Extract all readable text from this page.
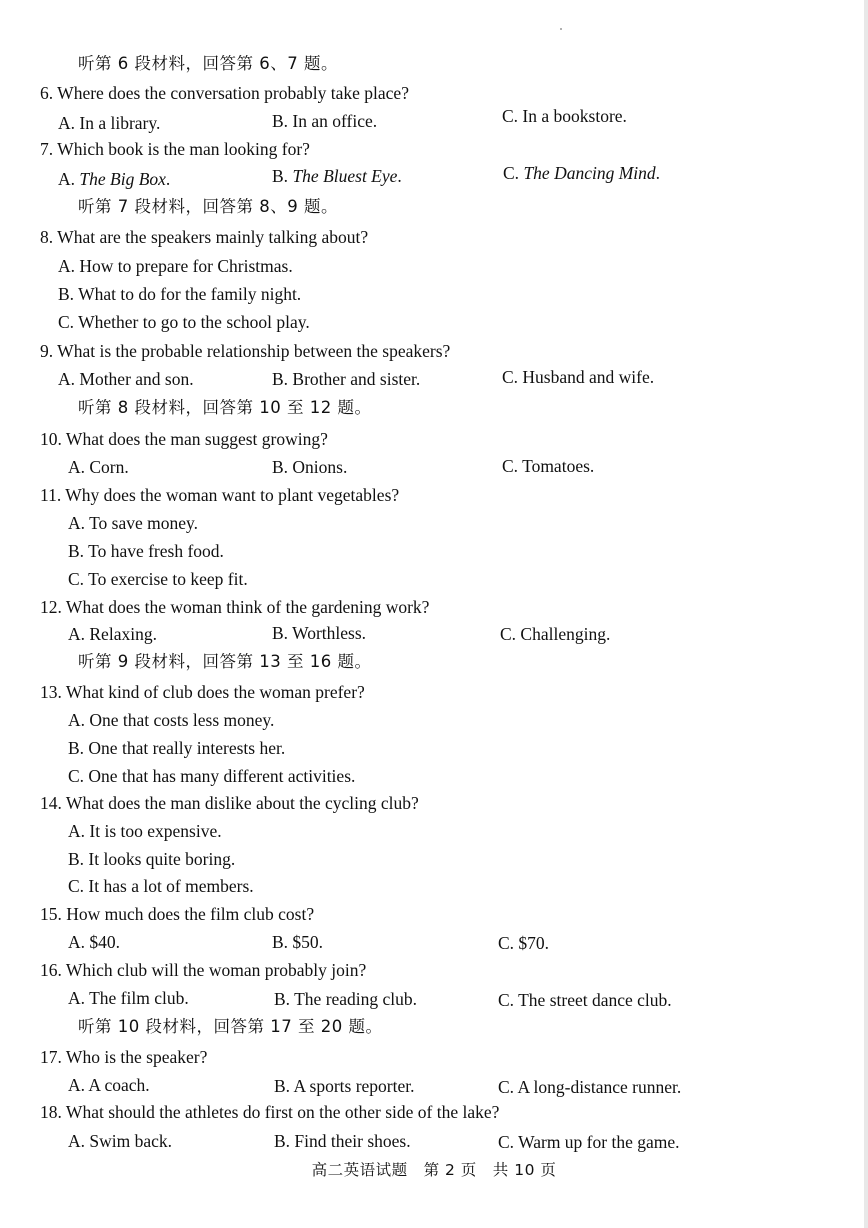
听第 6 段材料，回答第 6、7 题。
6. Where does the conversation probably take place?
A. In a library.	B. In an office.	C. In a bookstore.
7. Which book is the man looking for?
A. The Big Box.	B. The Bluest Eye.	C. The Dancing Mind.
听第 7 段材料，回答第 8、9 题。
8. What are the speakers mainly talking about?
A. How to prepare for Christmas.
B. What to do for the family night.
C. Whether to go to the school play.
9. What is the probable relationship between the speakers?
A. Mother and son.	B. Brother and sister.	C. Husband and wife.
听第 8 段材料，回答第 10 至 12 题。
10. What does the man suggest growing?
A. Corn.	B. Onions.	C. Tomatoes.
11. Why does the woman want to plant vegetables?
A. To save money.
B. To have fresh food.
C. To exercise to keep fit.
12. What does the woman think of the gardening work?
A. Relaxing.	B. Worthless.	C. Challenging.
听第 9 段材料，回答第 13 至 16 题。
13. What kind of club does the woman prefer?
A. One that costs less money.
B. One that really interests her.
C. One that has many different activities.
14. What does the man dislike about the cycling club?
A. It is too expensive.
B. It looks quite boring.
C. It has a lot of members.
15. How much does the film club cost?
A. $40.	B. $50.	C. $70.
16. Which club will the woman probably join?
A. The film club.	B. The reading club.	C. The street dance club.
听第 10 段材料，回答第 17 至 20 题。
17. Who is the speaker?
A. A coach.	B. A sports reporter.	C. A long-distance runner.
18. What should the athletes do first on the other side of the lake?
A. Swim back.	B. Find their shoes.	C. Warm up for the game.
高二英语试题　第 2 页　共 10 页
